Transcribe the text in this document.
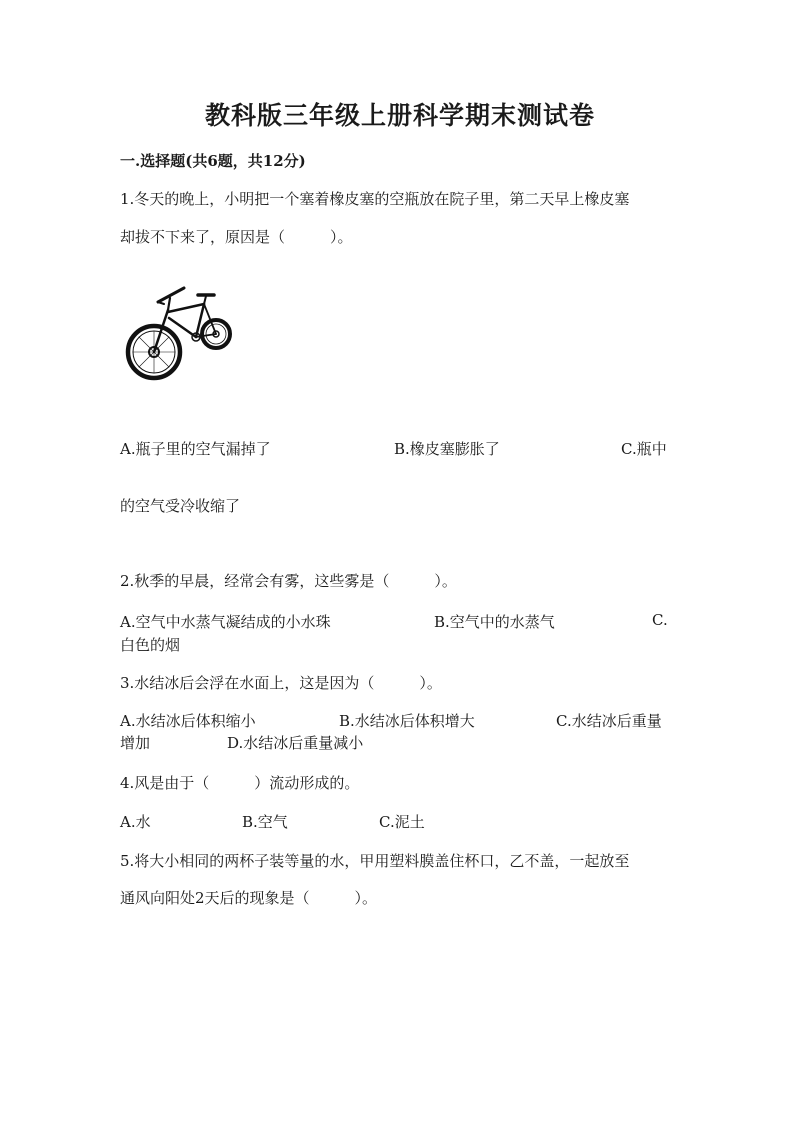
教科版三年级上册科学期末测试卷
一.选择题(共6题，共12分)
1.冬天的晚上，小明把一个塞着橡皮塞的空瓶放在院子里，第二天早上橡皮塞
却拔不下来了，原因是（　　　）。
A.瓶子里的空气漏掉了	B.橡皮塞膨胀了	C.瓶中
的空气受冷收缩了
2.秋季的早晨，经常会有雾，这些雾是（　　　）。
A.空气中水蒸气凝结成的小水珠	B.空气中的水蒸气	C.
白色的烟
3.水结冰后会浮在水面上，这是因为（　　　）。
A.水结冰后体积缩小	B.水结冰后体积增大	C.水结冰后重量
增加	D.水结冰后重量减小
4.风是由于（　　　）流动形成的。
A.水	B.空气	C.泥土
5.将大小相同的两杯子装等量的水，甲用塑料膜盖住杯口，乙不盖，一起放至
通风向阳处2天后的现象是（　　　）。
